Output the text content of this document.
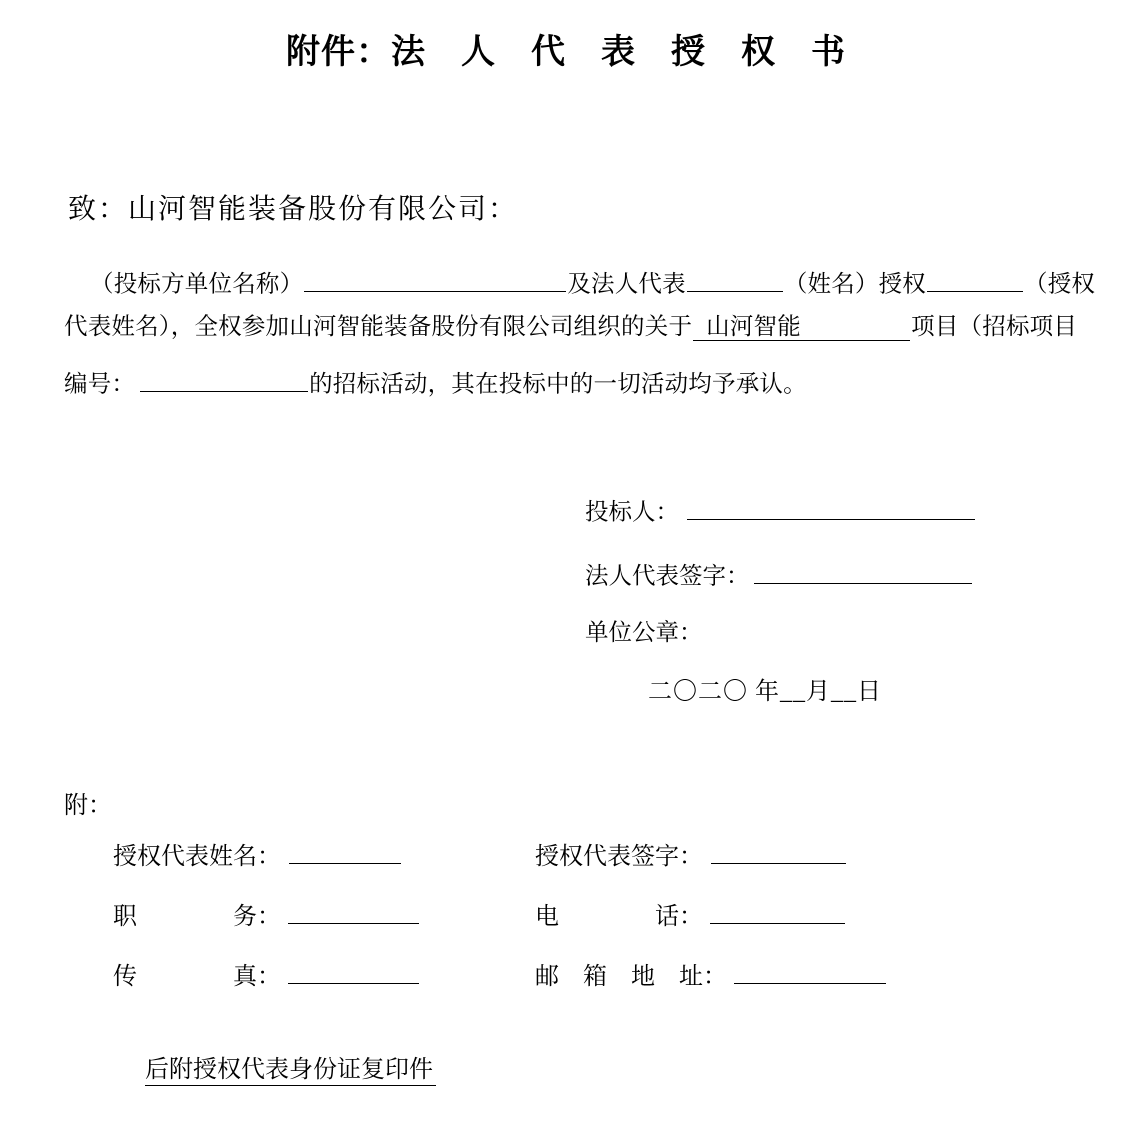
附件：法　人　代　表　授　权　书
致：山河智能装备股份有限公司：
（投标方单位名称）	及法人代表	（姓名）授权	（授权
代表姓名），全权参加山河智能装备股份有限公司组织的关于 山河智能	项目（招标项目
编号：	的招标活动，其在投标中的一切活动均予承认。
投标人：
法人代表签字：
单位公章：
二〇二〇 年__月__日
附：
授权代表姓名：	授权代表签字：
职　　　　务：	电　　　　话：
传　　　　真：	邮　箱　地　址：
后附授权代表身份证复印件
